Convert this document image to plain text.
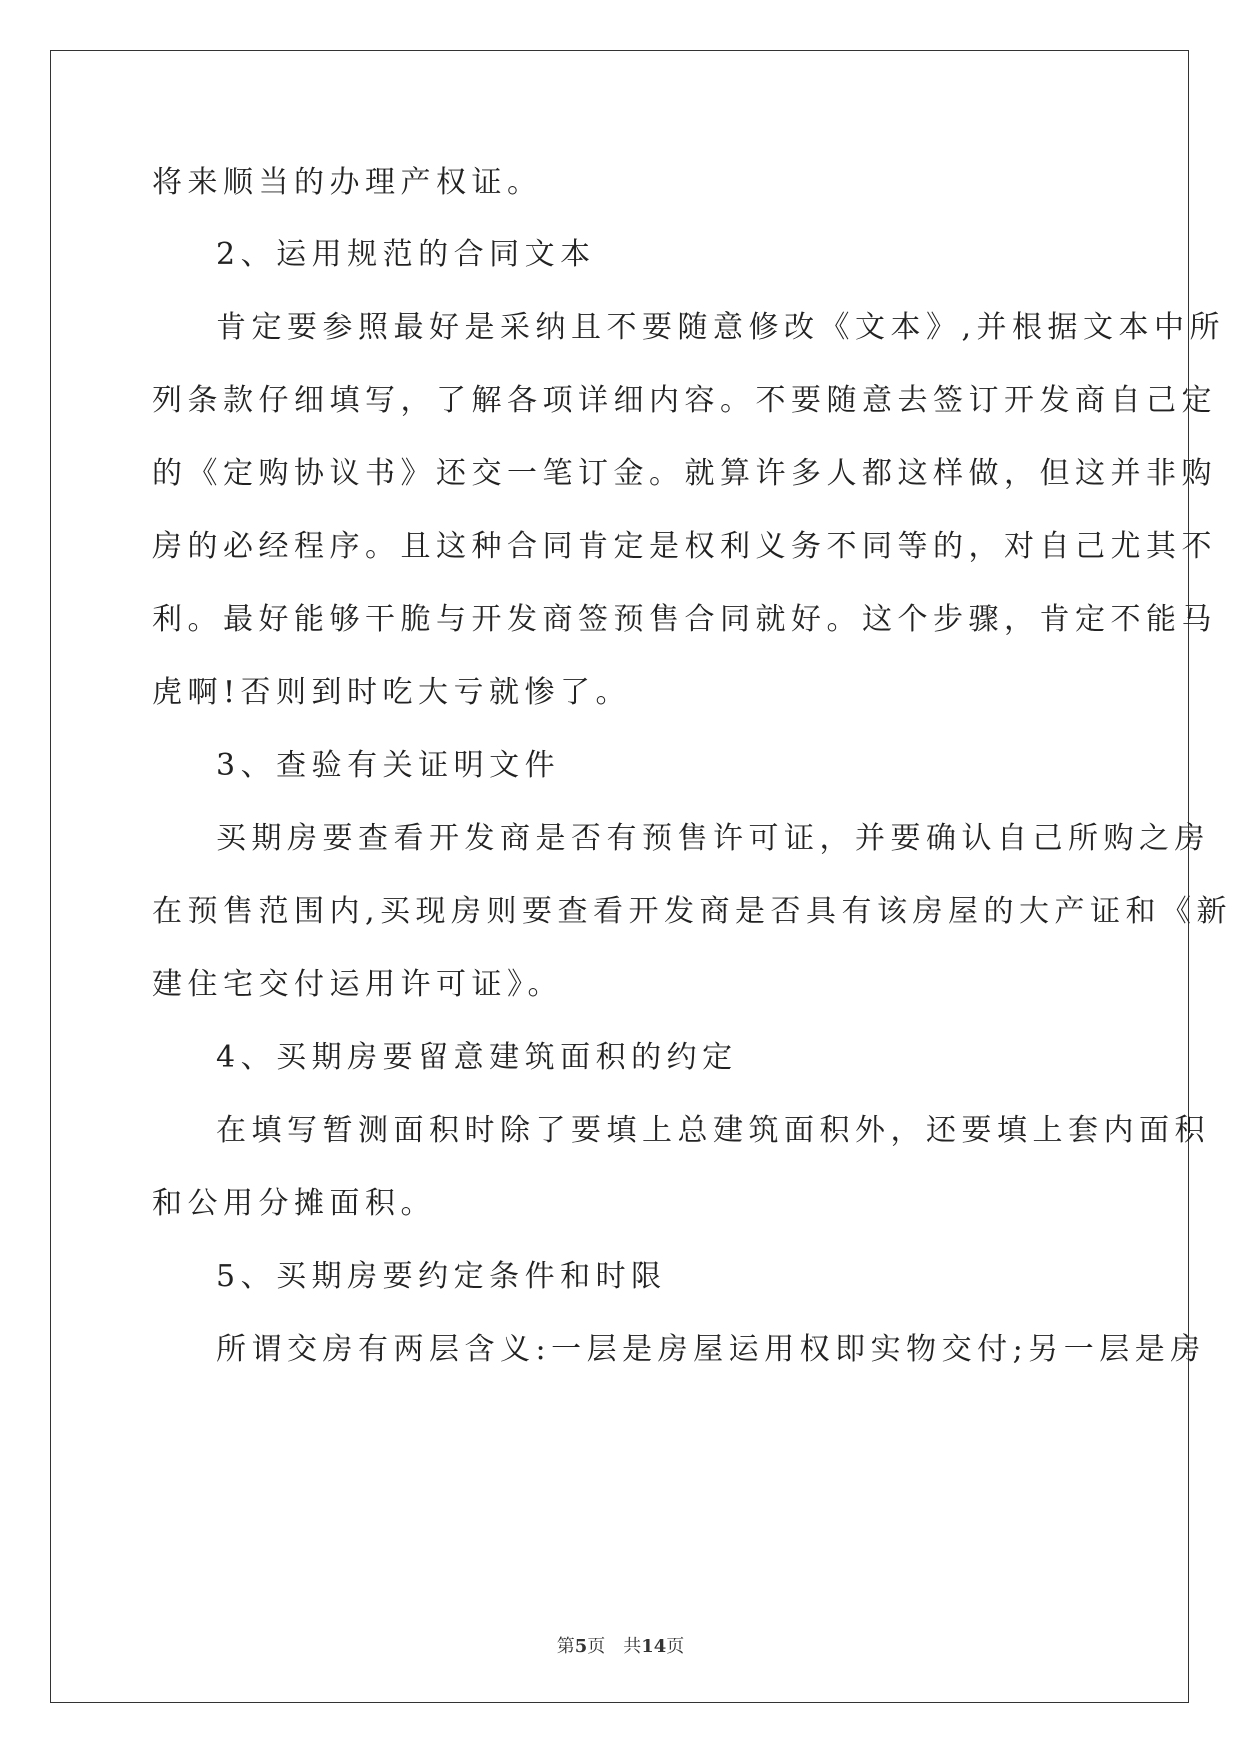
将来顺当的办理产权证。
2、运用规范的合同文本
肯定要参照最好是采纳且不要随意修改《文本》,并根据文本中所
列条款仔细填写，了解各项详细内容。不要随意去签订开发商自己定
的《定购协议书》还交一笔订金。就算许多人都这样做，但这并非购
房的必经程序。且这种合同肯定是权利义务不同等的，对自己尤其不
利。最好能够干脆与开发商签预售合同就好。这个步骤，肯定不能马
虎啊!否则到时吃大亏就惨了。
3、查验有关证明文件
买期房要查看开发商是否有预售许可证，并要确认自己所购之房
在预售范围内,买现房则要查看开发商是否具有该房屋的大产证和《新
建住宅交付运用许可证》。
4、买期房要留意建筑面积的约定
在填写暂测面积时除了要填上总建筑面积外，还要填上套内面积
和公用分摊面积。
5、买期房要约定条件和时限
所谓交房有两层含义:一层是房屋运用权即实物交付;另一层是房
第5页　共14页
